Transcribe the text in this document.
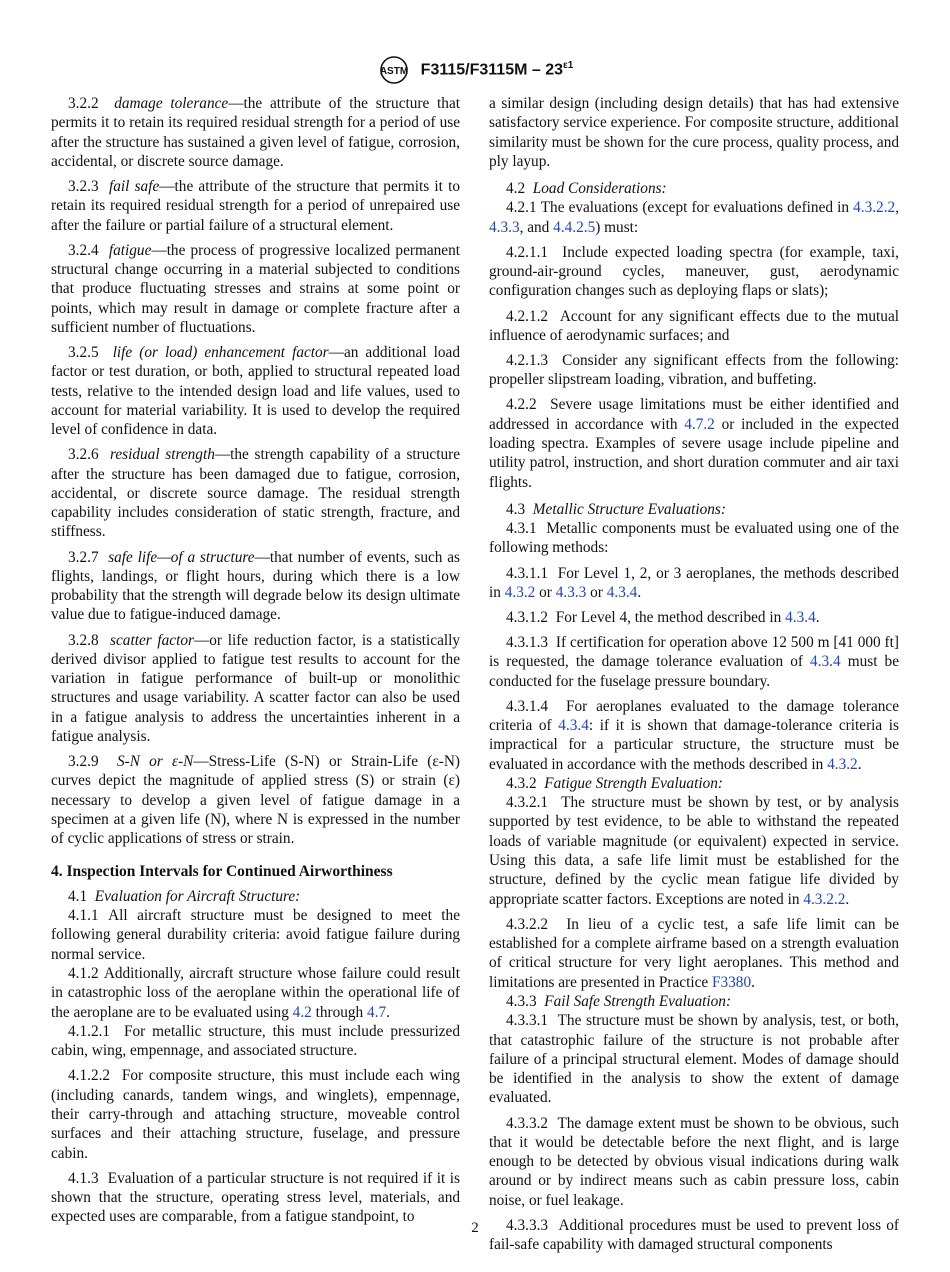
ASTM $F3115/F3115M - 23^{\varepsilon 1}$

3.2.2 damage tolerance—the attribute of the structure that permits it to retain its required residual strength for a period of use after the structure has sustained a given level of fatigue, corrosion, accidental, or discrete source damage.

3.2.3 fail safe—the attribute of the structure that permits it to retain its required residual strength for a period of unrepaired use after the failure or partial failure of a structural element.

3.2.4 fatigue—the process of progressive localized permanent structural change occurring in a material subjected to conditions that produce fluctuating stresses and strains at some point or points, which may result in damage or complete fracture after a sufficient number of fluctuations.

3.2.5 life (or load) enhancement factor—an additional load factor or test duration, or both, applied to structural repeated load tests, relative to the intended design load and life values, used to account for material variability. It is used to develop the required level of confidence in data.

3.2.6 residual strength—the strength capability of a structure after the structure has been damaged due to fatigue, corrosion, accidental, or discrete source damage. The residual strength capability includes consideration of static strength, fracture, and stiffness.

3.2.7 safe life—of a structure—that number of events, such as flights, landings, or flight hours, during which there is a low probability that the strength will degrade below its design ultimate value due to fatigue-induced damage.

3.2.8 scatter factor—or life reduction factor, is a statistically derived divisor applied to fatigue test results to account for the variation in fatigue performance of built-up or monolithic structures and usage variability. A scatter factor can also be used in a fatigue analysis to address the uncertainties inherent in a fatigue analysis.

3.2.9 S-N or ε-N—Stress-Life (S-N) or Strain-Life (ε-N) curves depict the magnitude of applied stress (S) or strain (ε) necessary to develop a given level of fatigue damage in a specimen at a given life (N), where N is expressed in the number of cyclic applications of stress or strain.

4. Inspection Intervals for Continued Airworthiness

4.1 Evaluation for Aircraft Structure:

4.1.1 All aircraft structure must be designed to meet the following general durability criteria: avoid fatigue failure during normal service.

4.1.2 Additionally, aircraft structure whose failure could result in catastrophic loss of the aeroplane within the operational life of the aeroplane are to be evaluated using 4.2 through 4.7.

4.1.2.1 For metallic structure, this must include pressurized cabin, wing, empennage, and associated structure.

4.1.2.2 For composite structure, this must include each wing (including canards, tandem wings, and winglets), empennage, their carry-through and attaching structure, moveable control surfaces and their attaching structure, fuselage, and pressure cabin.

4.1.3 Evaluation of a particular structure is not required if it is shown that the structure, operating stress level, materials, and expected uses are comparable, from a fatigue standpoint, to

a similar design (including design details) that has had extensive satisfactory service experience. For composite structure, additional similarity must be shown for the cure process, quality process, and ply layup.

4.2 Load Considerations:

4.2.1 The evaluations (except for evaluations defined in 4.3.2.2, 4.3.3, and 4.4.2.5) must:

4.2.1.1 Include expected loading spectra (for example, taxi, ground-air-ground cycles, maneuver, gust, aerodynamic configuration changes such as deploying flaps or slats);

4.2.1.2 Account for any significant effects due to the mutual influence of aerodynamic surfaces; and

4.2.1.3 Consider any significant effects from the following: propeller slipstream loading, vibration, and buffeting.

4.2.2 Severe usage limitations must be either identified and addressed in accordance with 4.7.2 or included in the expected loading spectra. Examples of severe usage include pipeline and utility patrol, instruction, and short duration commuter and air taxi flights.

4.3 Metallic Structure Evaluations:

4.3.1 Metallic components must be evaluated using one of the following methods:

4.3.1.1 For Level 1, 2, or 3 aeroplanes, the methods described in 4.3.2 or 4.3.3 or 4.3.4.

4.3.1.2 For Level 4, the method described in 4.3.4.

4.3.1.3 If certification for operation above 12 500 m [41 000 ft] is requested, the damage tolerance evaluation of 4.3.4 must be conducted for the fuselage pressure boundary.

4.3.1.4 For aeroplanes evaluated to the damage tolerance criteria of 4.3.4: if it is shown that damage-tolerance criteria is impractical for a particular structure, the structure must be evaluated in accordance with the methods described in 4.3.2.

4.3.2 Fatigue Strength Evaluation:

4.3.2.1 The structure must be shown by test, or by analysis supported by test evidence, to be able to withstand the repeated loads of variable magnitude (or equivalent) expected in service. Using this data, a safe life limit must be established for the structure, defined by the cyclic mean fatigue life divided by appropriate scatter factors. Exceptions are noted in 4.3.2.2.

4.3.2.2 In lieu of a cyclic test, a safe life limit can be established for a complete airframe based on a strength evaluation of critical structure for very light aeroplanes. This method and limitations are presented in Practice F3380.

4.3.3 Fail Safe Strength Evaluation:

4.3.3.1 The structure must be shown by analysis, test, or both, that catastrophic failure of the structure is not probable after failure of a principal structural element. Modes of damage should be identified in the analysis to show the extent of damage evaluated.

4.3.3.2 The damage extent must be shown to be obvious, such that it would be detectable before the next flight, and is large enough to be detected by obvious visual indications during walk around or by indirect means such as cabin pressure loss, cabin noise, or fuel leakage.

4.3.3.3 Additional procedures must be used to prevent loss of fail-safe capability with damaged structural components

2
